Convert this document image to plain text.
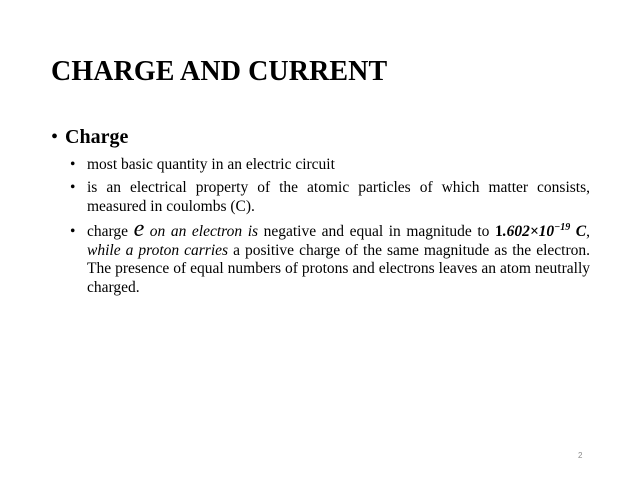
CHARGE AND CURRENT
• Charge
• most basic quantity in an electric circuit
• is an electrical property of the atomic particles of which matter consists, measured in coulombs (C).
• charge e on an electron is negative and equal in magnitude to $1.602\times 10^{-19}$ C, while a proton carries a positive charge of the same magnitude as the electron. The presence of equal numbers of protons and electrons leaves an atom neutrally charged.
2
